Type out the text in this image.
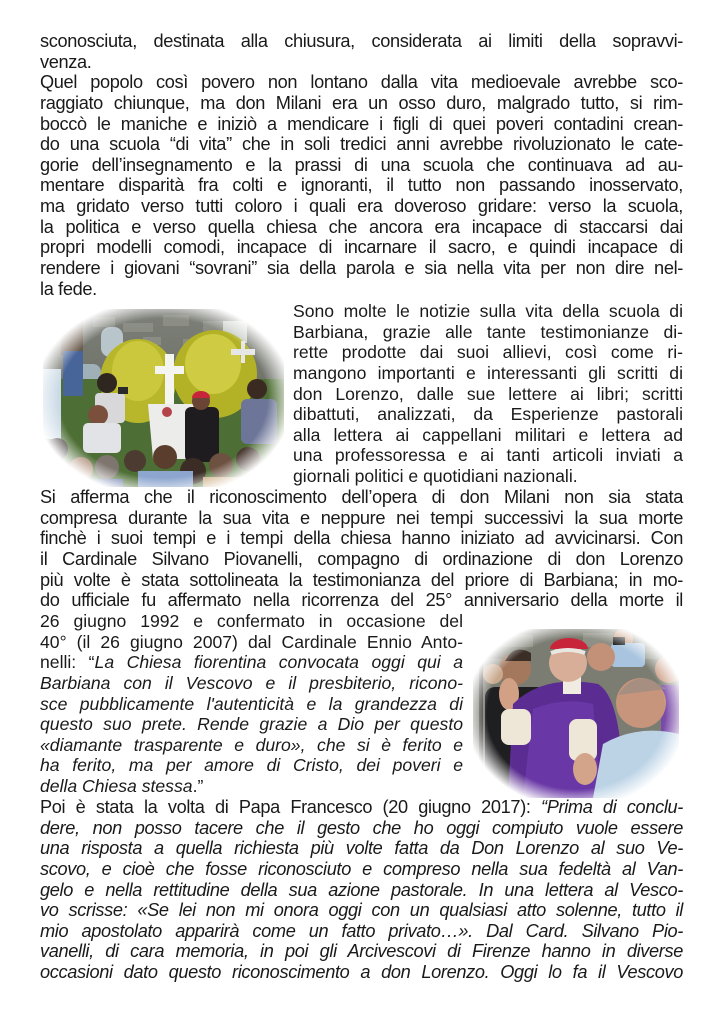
sconosciuta, destinata alla chiusura, considerata ai limiti della sopravvi-
venza.
Quel popolo così povero non lontano dalla vita medioevale avrebbe sco-
raggiato chiunque, ma don Milani era un osso duro, malgrado tutto, si rim-
boccò le maniche e iniziò a mendicare i figli di quei poveri contadini crean-
do una scuola “di vita” che in soli tredici anni avrebbe rivoluzionato le cate-
gorie dell’insegnamento e la prassi di una scuola che continuava ad au-
mentare disparità fra colti e ignoranti, il tutto non passando inosservato,
ma gridato verso tutti coloro i quali era doveroso gridare: verso la scuola,
la politica e verso quella chiesa che ancora era incapace di staccarsi dai
propri modelli comodi, incapace di incarnare il sacro, e quindi incapace di
rendere i giovani “sovrani” sia della parola e sia nella vita per non dire nel-
la fede.
Sono molte le notizie sulla vita della scuola di
Barbiana, grazie alle tante testimonianze di-
rette prodotte dai suoi allievi, così come ri-
mangono importanti e interessanti gli scritti di
don Lorenzo, dalle sue lettere ai libri; scritti
dibattuti, analizzati, da Esperienze pastorali
alla lettera ai cappellani militari e lettera ad
una professoressa e ai tanti articoli inviati a
giornali politici e quotidiani nazionali.
Si afferma che il riconoscimento dell’opera di don Milani non sia stata
compresa durante la sua vita e neppure nei tempi successivi la sua morte
finchè i suoi tempi e i tempi della chiesa hanno iniziato ad avvicinarsi. Con
il Cardinale Silvano Piovanelli, compagno di ordinazione di don Lorenzo
più volte è stata sottolineata la testimonianza del priore di Barbiana; in mo-
do ufficiale fu affermato nella ricorrenza del 25° anniversario della morte il
26 giugno 1992 e confermato in occasione del
40° (il 26 giugno 2007) dal Cardinale Ennio Anto-
nelli: “La Chiesa fiorentina convocata oggi qui a
Barbiana con il Vescovo e il presbiterio, ricono-
sce pubblicamente l'autenticità e la grandezza di
questo suo prete. Rende grazie a Dio per questo
«diamante trasparente e duro», che si è ferito e
ha ferito, ma per amore di Cristo, dei poveri e
della Chiesa stessa.”
Poi è stata la volta di Papa Francesco (20 giugno 2017): “Prima di conclu-
dere, non posso tacere che il gesto che ho oggi compiuto vuole essere
una risposta a quella richiesta più volte fatta da Don Lorenzo al suo Ve-
scovo, e cioè che fosse riconosciuto e compreso nella sua fedeltà al Van-
gelo e nella rettitudine della sua azione pastorale. In una lettera al Vesco-
vo scrisse: «Se lei non mi onora oggi con un qualsiasi atto solenne, tutto il
mio apostolato apparirà come un fatto privato…». Dal Card. Silvano Pio-
vanelli, di cara memoria, in poi gli Arcivescovi di Firenze hanno in diverse
occasioni dato questo riconoscimento a don Lorenzo. Oggi lo fa il Vescovo
